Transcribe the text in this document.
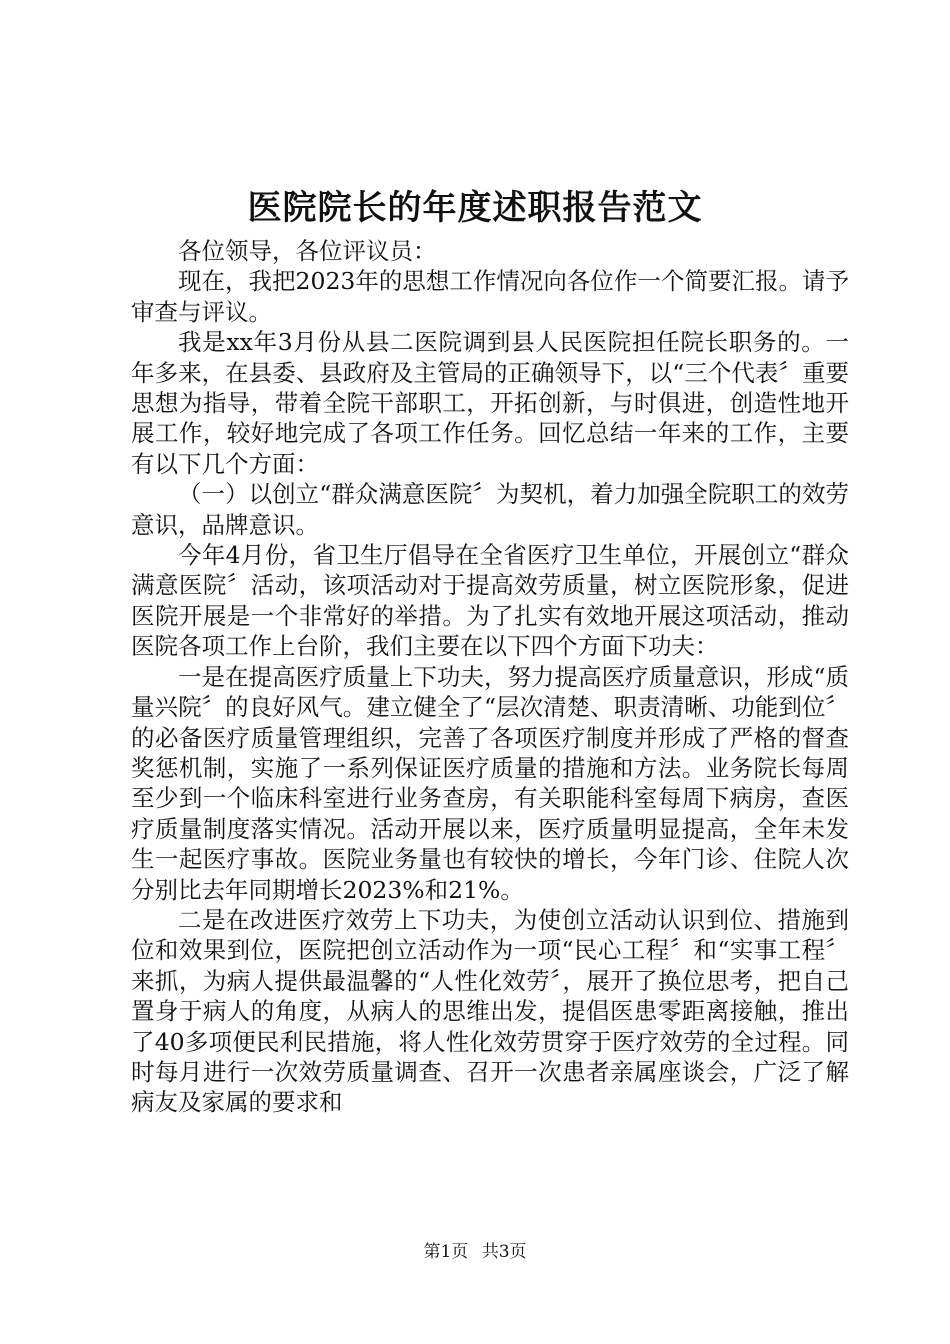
医院院长的年度述职报告范文

各位领导，各位评议员：

现在，我把2023年的思想工作情况向各位作一个简要汇报。请予审查与评议。

我是xx年3月份从县二医院调到县人民医院担任院长职务的。一年多来，在县委、县政府及主管局的正确领导下，以“三个代表〞重要思想为指导，带着全院干部职工，开拓创新，与时俱进，创造性地开展工作，较好地完成了各项工作任务。回忆总结一年来的工作，主要有以下几个方面：

（一）以创立“群众满意医院〞为契机，着力加强全院职工的效劳意识，品牌意识。

今年4月份，省卫生厅倡导在全省医疗卫生单位，开展创立“群众满意医院〞活动，该项活动对于提高效劳质量，树立医院形象，促进医院开展是一个非常好的举措。为了扎实有效地开展这项活动，推动医院各项工作上台阶，我们主要在以下四个方面下功夫：

一是在提高医疗质量上下功夫，努力提高医疗质量意识，形成“质量兴院〞的良好风气。建立健全了“层次清楚、职责清晰、功能到位〞的必备医疗质量管理组织，完善了各项医疗制度并形成了严格的督查奖惩机制，实施了一系列保证医疗质量的措施和方法。业务院长每周至少到一个临床科室进行业务查房，有关职能科室每周下病房，查医疗质量制度落实情况。活动开展以来，医疗质量明显提高，全年未发生一起医疗事故。医院业务量也有较快的增长，今年门诊、住院人次分别比去年同期增长2023%和21%。

二是在改进医疗效劳上下功夫，为使创立活动认识到位、措施到位和效果到位，医院把创立活动作为一项“民心工程〞和“实事工程〞来抓，为病人提供最温馨的“人性化效劳〞，展开了换位思考，把自己置身于病人的角度，从病人的思维出发，提倡医患零距离接触，推出了40多项便民利民措施，将人性化效劳贯穿于医疗效劳的全过程。同时每月进行一次效劳质量调查、召开一次患者亲属座谈会，广泛了解病友及家属的要求和

第1页 共3页
